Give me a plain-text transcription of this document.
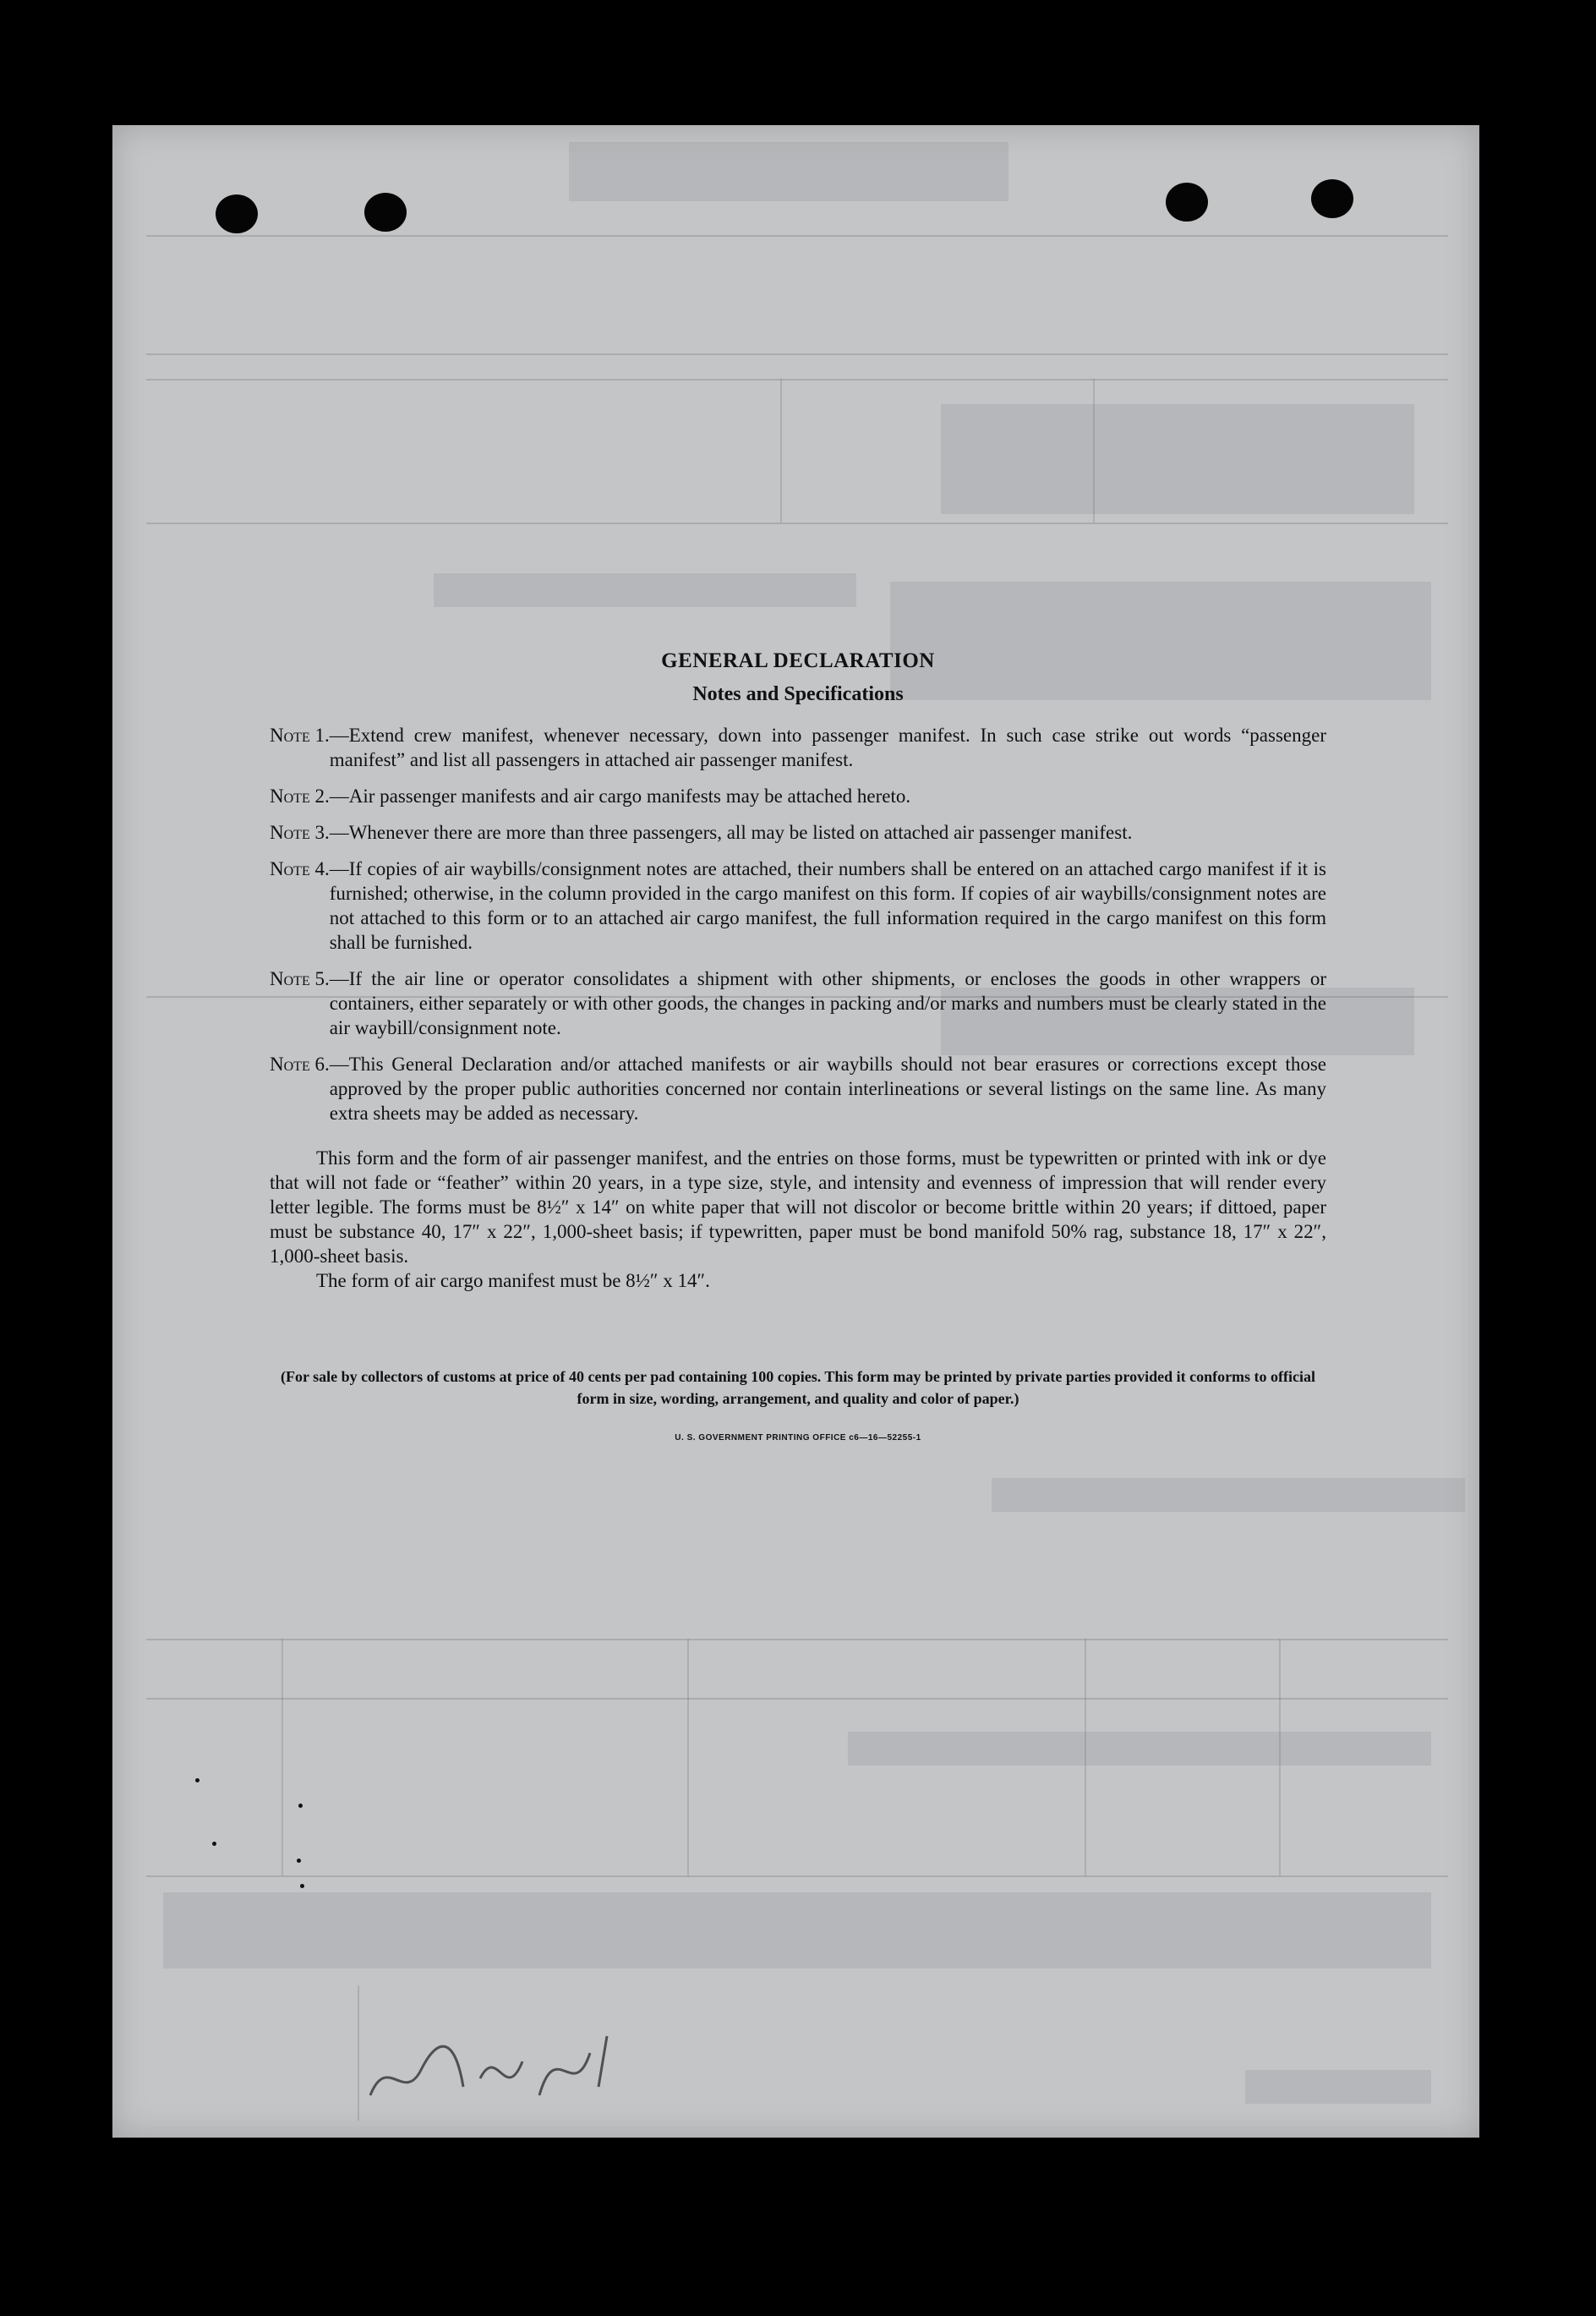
GENERAL DECLARATION
Notes and Specifications
Note 1. —Extend crew manifest, whenever necessary, down into passenger manifest. In such case strike out words “passenger manifest” and list all passengers in attached air passenger manifest.
Note 2. —Air passenger manifests and air cargo manifests may be attached hereto.
Note 3. —Whenever there are more than three passengers, all may be listed on attached air passenger manifest.
Note 4. —If copies of air waybills/consignment notes are attached, their numbers shall be entered on an attached cargo manifest if it is furnished; otherwise, in the column provided in the cargo manifest on this form. If copies of air waybills/consignment notes are not attached to this form or to an attached air cargo manifest, the full information required in the cargo manifest on this form shall be furnished.
Note 5. —If the air line or operator consolidates a shipment with other shipments, or encloses the goods in other wrappers or containers, either separately or with other goods, the changes in packing and/or marks and numbers must be clearly stated in the air waybill/consignment note.
Note 6. —This General Declaration and/or attached manifests or air waybills should not bear erasures or corrections except those approved by the proper public authorities concerned nor contain interlineations or several listings on the same line. As many extra sheets may be added as necessary.
This form and the form of air passenger manifest, and the entries on those forms, must be typewritten or printed with ink or dye that will not fade or “feather” within 20 years, in a type size, style, and intensity and evenness of impression that will render every letter legible. The forms must be 8½″ x 14″ on white paper that will not discolor or become brittle within 20 years; if dittoed, paper must be substance 40, 17″ x 22″, 1,000-sheet basis; if typewritten, paper must be bond manifold 50% rag, substance 18, 17″ x 22″, 1,000-sheet basis.
The form of air cargo manifest must be 8½″ x 14″.
(For sale by collectors of customs at price of 40 cents per pad containing 100 copies. This form may be printed by private parties provided it conforms to official form in size, wording, arrangement, and quality and color of paper.)
U. S. GOVERNMENT PRINTING OFFICE c6—16—52255-1
